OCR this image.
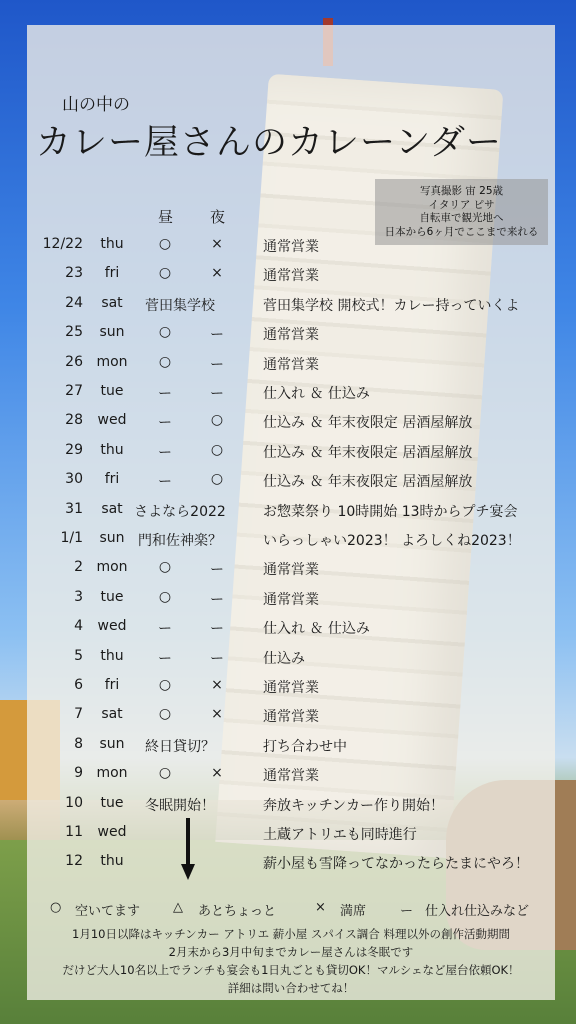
山の中の
カレー屋さんのカレーンダー
写真撮影 宙 25歳
イタリア ピサ
自転車で観光地へ
日本から6ヶ月でここまで来れる
昼 夜
12/22	thu	○	×	通常営業
23	fri	○	×	通常営業
24	sat	菅田集学校	菅田集学校 開校式！カレー持っていくよ
25	sun	○	ー	通常営業
26 mon	○	ー	通常営業
27	tue	ー	ー	仕入れ ＆ 仕込み
28	wed	ー	○	仕込み ＆ 年末夜限定 居酒屋解放
29	thu	ー	○	仕込み ＆ 年末夜限定 居酒屋解放
30	fri	ー	○	仕込み ＆ 年末夜限定 居酒屋解放
31	sat さよなら2022	お惣菜祭り 10時開始 13時からプチ宴会
1/1	sun 門和佐神楽？	いらっしゃい2023！ よろしくね2023！
2 mon	○	ー	通常営業
3	tue	○	ー	通常営業
4	wed	ー	ー	仕入れ ＆ 仕込み
5	thu	ー	ー	仕込み
6	fri	○	×	通常営業
7	sat	○	×	通常営業
8	sun	終日貸切？	打ち合わせ中
9 mon	○	×	通常営業
10	tue	冬眠開始！	奔放キッチンカー作り開始！
11	wed	土蔵アトリエも同時進行
12	thu	薪小屋も雪降ってなかったらたまにやろ！
○ 空いてます	△ あとちょっと	× 満席	ー 仕入れ仕込みなど
1月10日以降はキッチンカー アトリエ 薪小屋 スパイス調合 料理以外の創作活動期間
2月末から3月中旬までカレー屋さんは冬眠です
だけど大人10名以上でランチも宴会も1日丸ごとも貸切OK！マルシェなど屋台依頼OK！
詳細は問い合わせてね！
